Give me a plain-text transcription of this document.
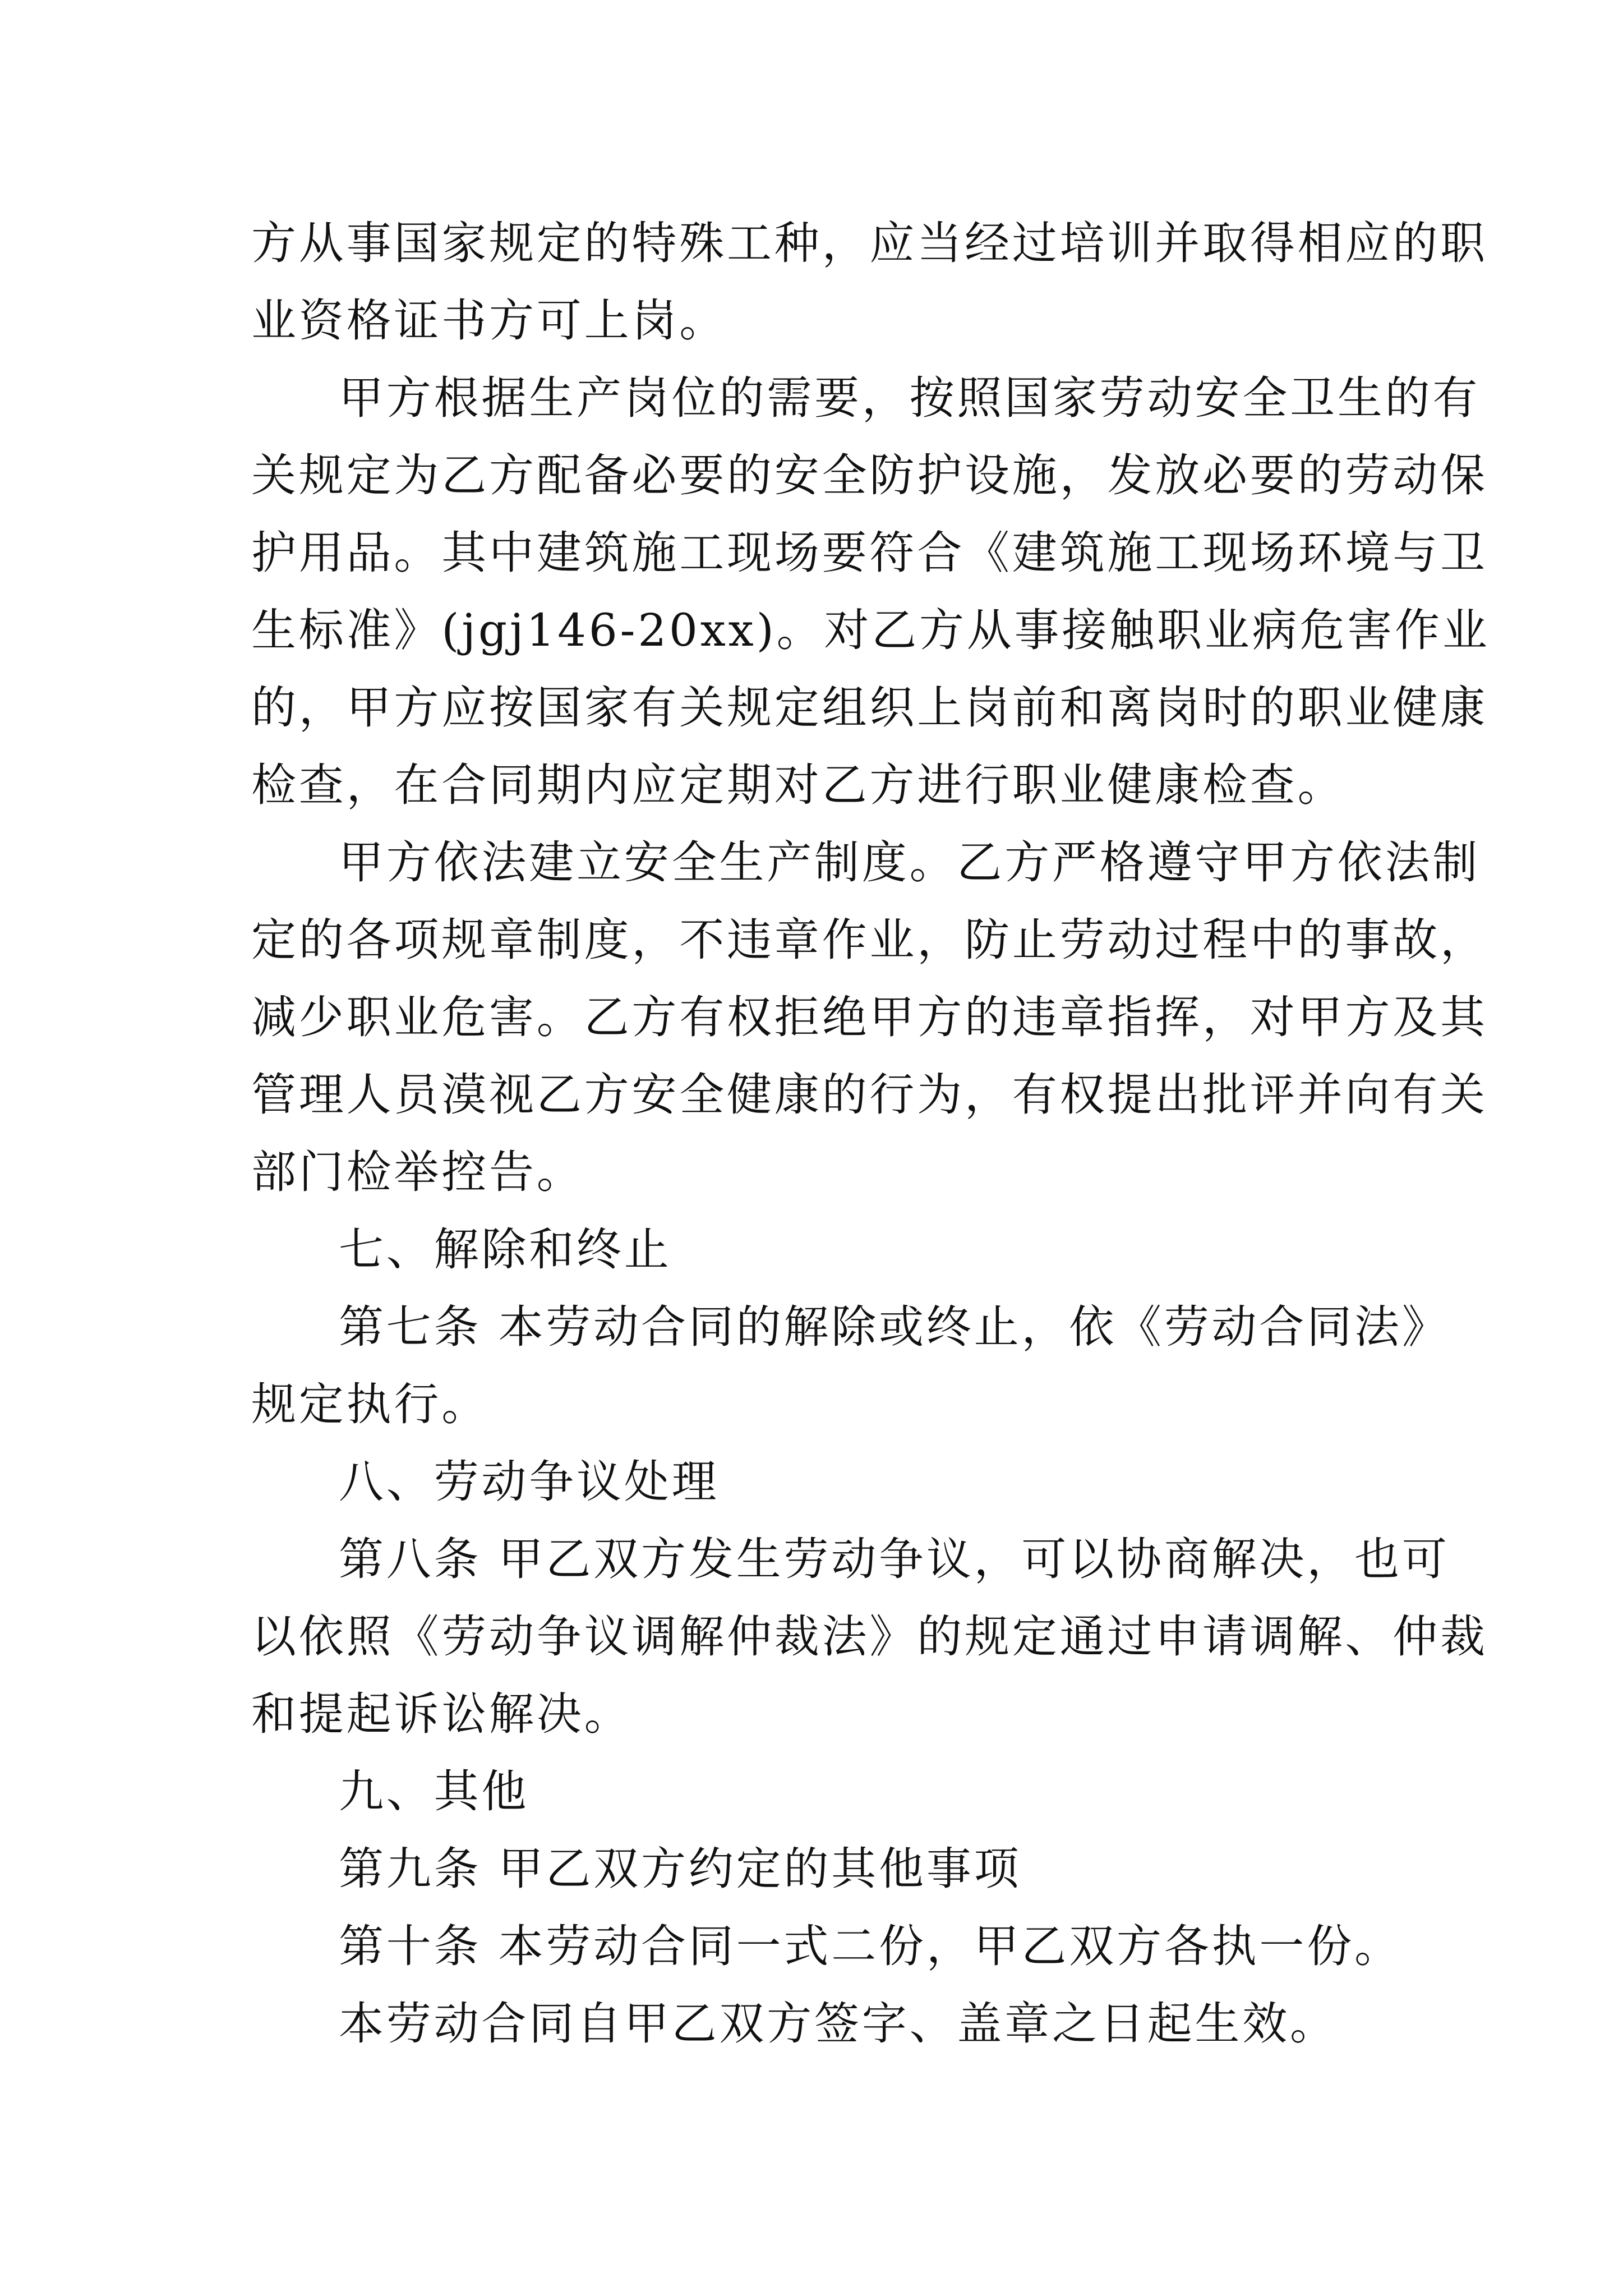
方从事国家规定的特殊工种，应当经过培训并取得相应的职
业资格证书方可上岗。
甲方根据生产岗位的需要，按照国家劳动安全卫生的有
关规定为乙方配备必要的安全防护设施，发放必要的劳动保
护用品。其中建筑施工现场要符合《建筑施工现场环境与卫
生标准》(jgj146-20xx)。对乙方从事接触职业病危害作业
的，甲方应按国家有关规定组织上岗前和离岗时的职业健康
检查，在合同期内应定期对乙方进行职业健康检查。
甲方依法建立安全生产制度。乙方严格遵守甲方依法制
定的各项规章制度，不违章作业，防止劳动过程中的事故，
减少职业危害。乙方有权拒绝甲方的违章指挥，对甲方及其
管理人员漠视乙方安全健康的行为，有权提出批评并向有关
部门检举控告。
七、解除和终止
第七条 本劳动合同的解除或终止，依《劳动合同法》
规定执行。
八、劳动争议处理
第八条 甲乙双方发生劳动争议，可以协商解决，也可
以依照《劳动争议调解仲裁法》的规定通过申请调解、仲裁
和提起诉讼解决。
九、其他
第九条 甲乙双方约定的其他事项
第十条 本劳动合同一式二份，甲乙双方各执一份。
本劳动合同自甲乙双方签字、盖章之日起生效。
